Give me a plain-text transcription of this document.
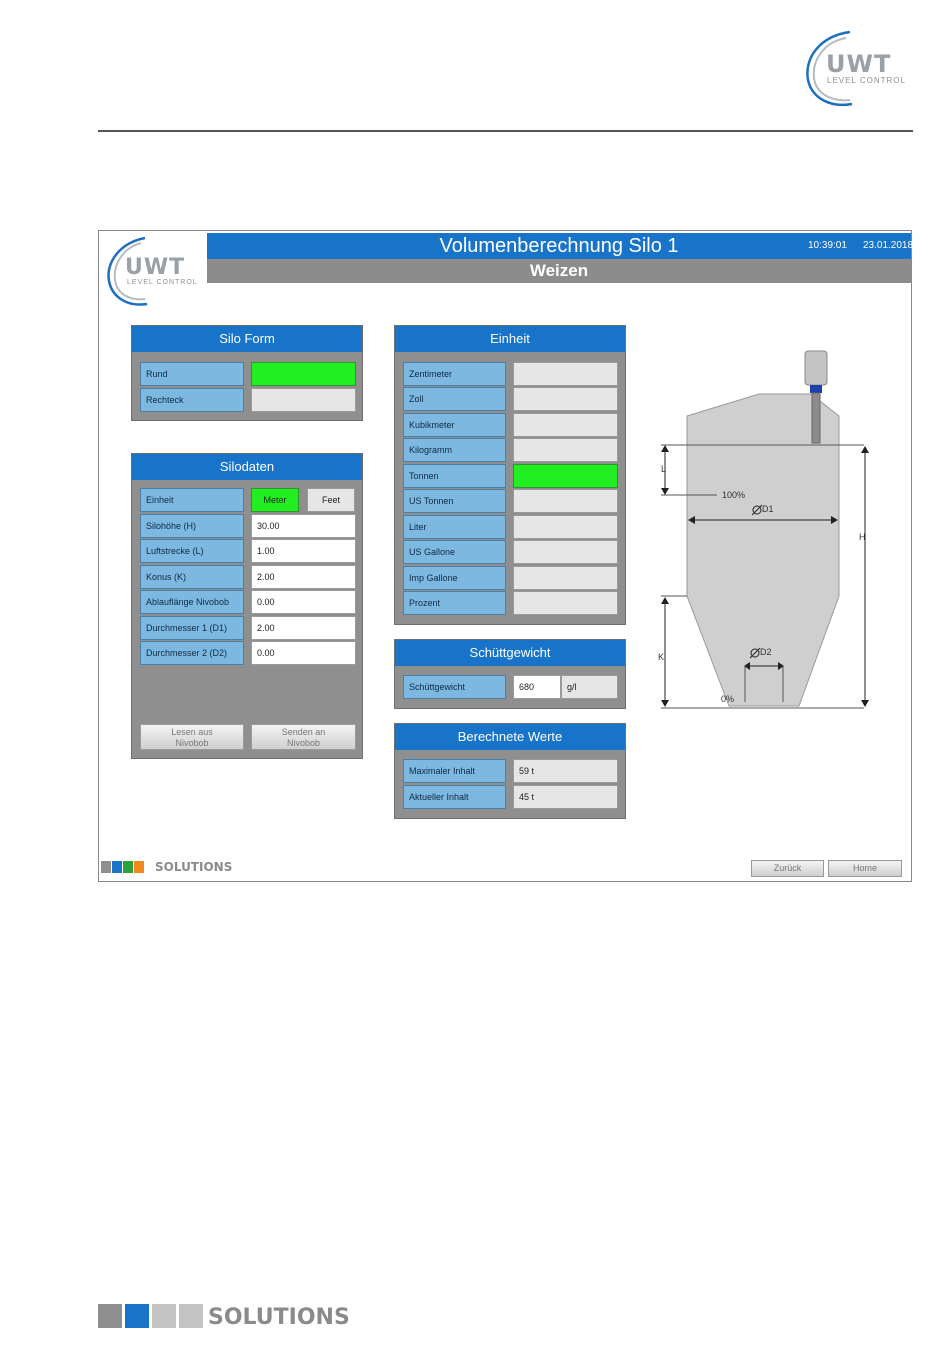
UWT
LEVEL CONTROL
UWT
LEVEL CONTROL
Volumenberechnung Silo 1	10:39:01 23.01.2018
Weizen
Silo Form
Rund
Rechteck
Silodaten
Einheit	Meter	Feet
Silohöhe (H)	30.00
Luftstrecke (L)	1.00
Konus (K)	2.00
Ablauflänge Nivobob	0.00
Durchmesser 1 (D1)	2.00
Durchmesser 2 (D2)	0.00
Lesen aus Nivobob
Senden an Nivobob
Einheit
Zentimeter
Zoll
Kubikmeter
Kilogramm
Tonnen
US Tonnen
Liter
US Gallone
Imp Gallone
Prozent
Schüttgewicht
Schüttgewicht	680	g/l
Berechnete Werte
Maximaler Inhalt	59 t
Aktueller Inhalt	45 t
L
100%
D1
H
K	D2
0%
SOLUTIONS	Zurück	Home
SOLUTIONS
